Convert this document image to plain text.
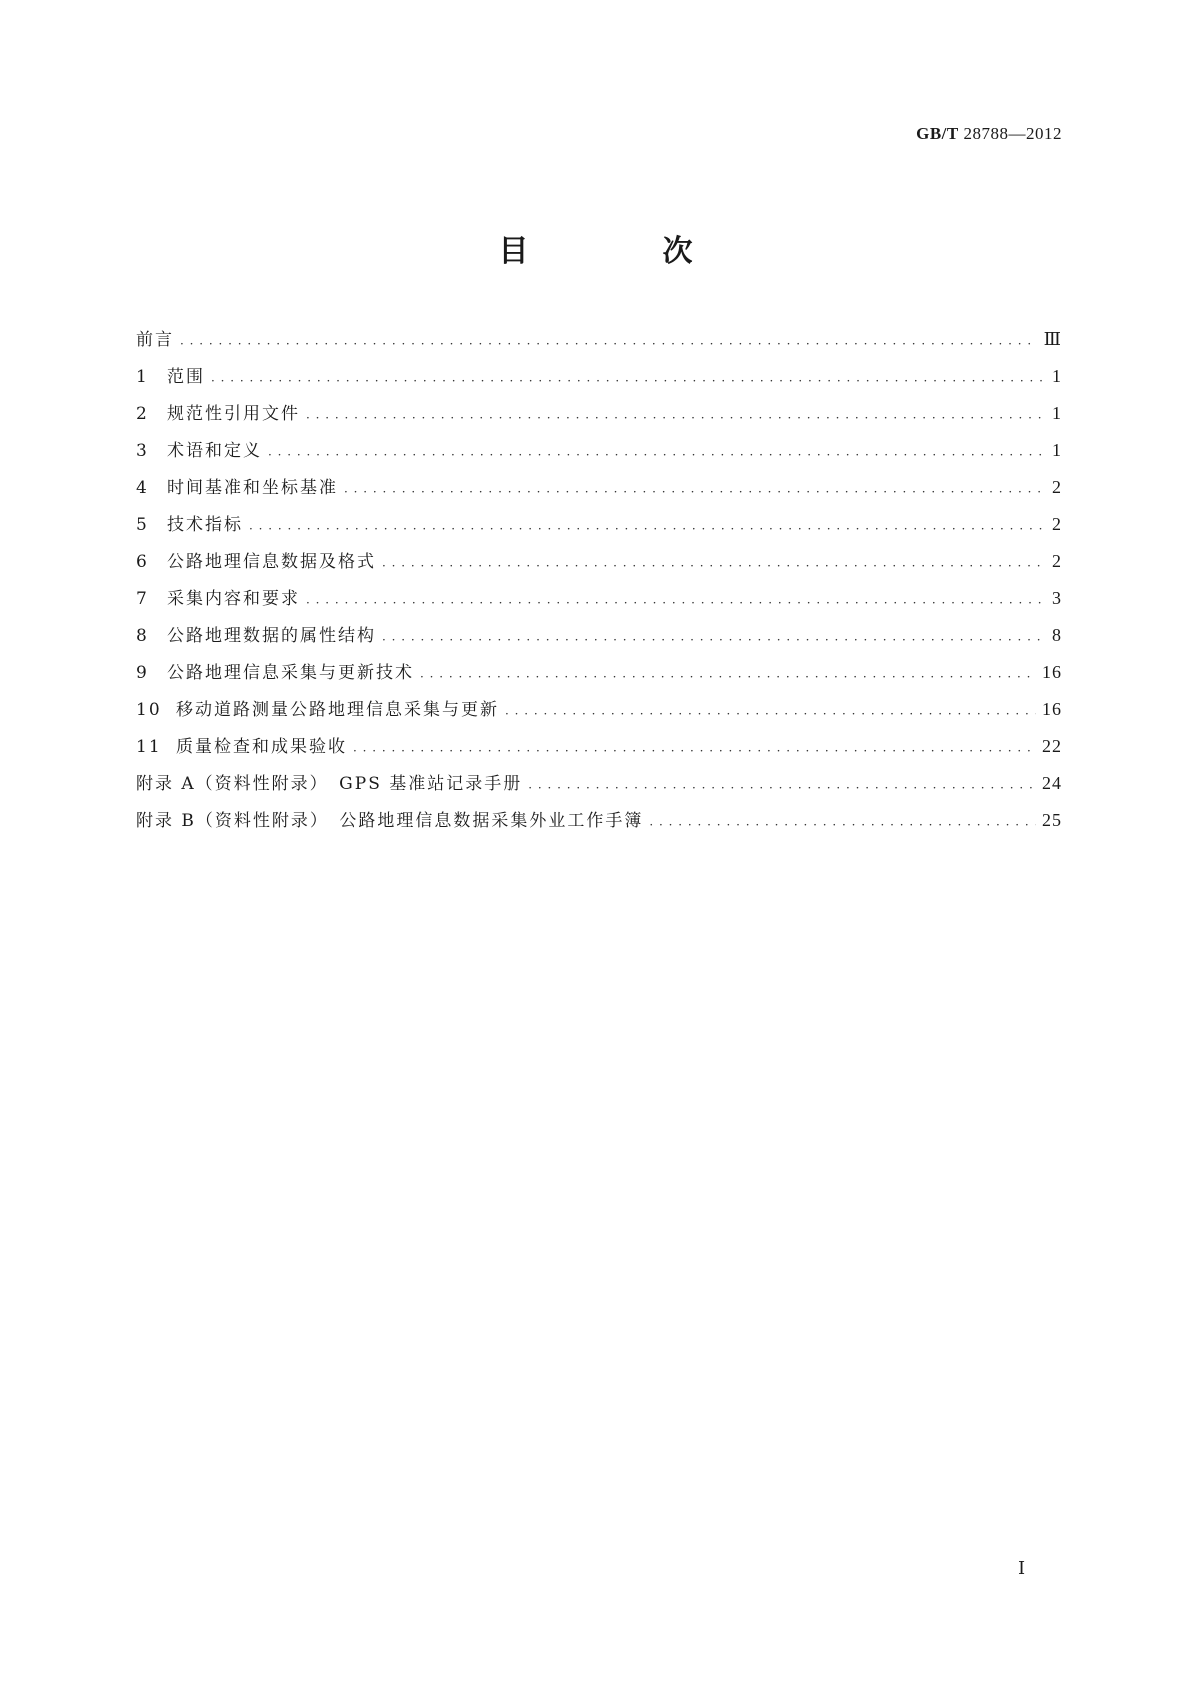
GB/T 28788—2012
目　次
前言 · · ·	Ⅲ
1	范围 · · ·	1
2	规范性引用文件 · · ·	1
3	术语和定义 · · ·	1
4	时间基准和坐标基准 · · ·	2
5	技术指标 · · ·	2
6	公路地理信息数据及格式 · · ·	2
7	采集内容和要求 · · ·	3
8	公路地理数据的属性结构 · · ·	8
9	公路地理信息采集与更新技术 · · ·	16
10 移动道路测量公路地理信息采集与更新 · · ·	16
11 质量检查和成果验收 · · ·	22
附录 A（资料性附录）　GPS 基准站记录手册 · · ·	24
附录 B（资料性附录）　公路地理信息数据采集外业工作手簿 · · ·	25
Ⅰ
